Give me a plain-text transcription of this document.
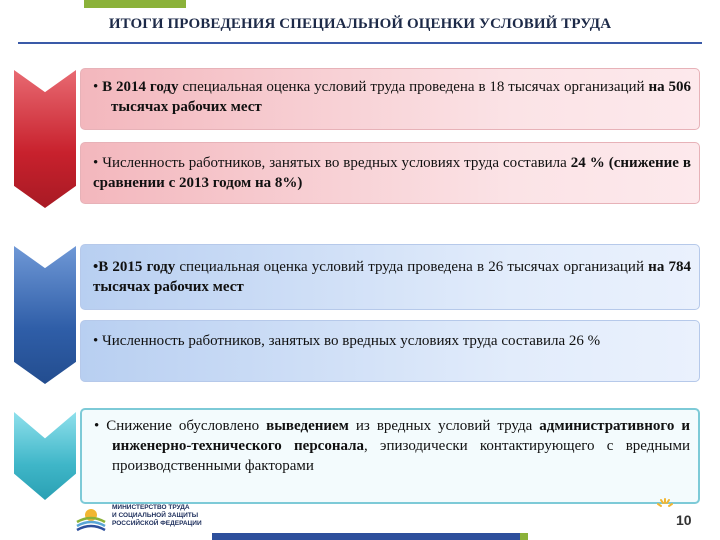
ИТОГИ ПРОВЕДЕНИЯ СПЕЦИАЛЬНОЙ ОЦЕНКИ УСЛОВИЙ ТРУДА
• В 2014 году специальная оценка условий труда проведена в 18 тысячах организаций на 506 тысячах рабочих мест
• Численность работников, занятых во вредных условиях труда составила 24 % (снижение в сравнении с 2013 годом на 8%)
•В 2015 году специальная оценка условий труда проведена в 26 тысячах организаций на 784 тысячах рабочих мест
• Численность работников, занятых во вредных условиях труда составила 26 %
• Снижение обусловлено выведением из вредных условий труда административного и инженерно-технического персонала, эпизодически контактирующего с вредными производственными факторами
МИНИСТЕРСТВО ТРУДА
И СОЦИАЛЬНОЙ ЗАЩИТЫ
РОССИЙСКОЙ ФЕДЕРАЦИИ	10
